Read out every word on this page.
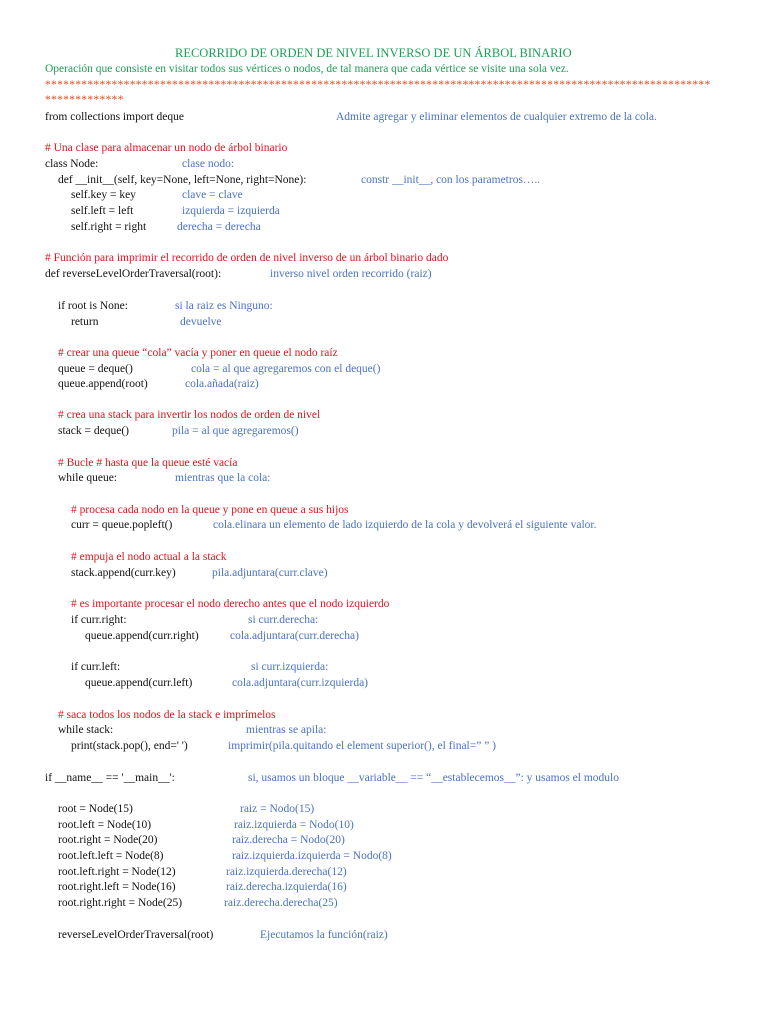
RECORRIDO DE ORDEN DE NIVEL INVERSO DE UN ÁRBOL BINARIO
Operación que consiste en visitar todos sus vértices o nodos, de tal manera que cada vértice se visite una sola vez.
**************************************************************************************************************
*************
from collections import deque	Admite agregar y eliminar elementos de cualquier extremo de la cola.
# Una clase para almacenar un nodo de árbol binario
class Node:	clase nodo:
def __init__(self, key=None, left=None, right=None):	constr __init__, con los parametros…..
self.key = key	clave = clave
self.left = left	izquierda = izquierda
self.right = right	derecha = derecha
# Función para imprimir el recorrido de orden de nivel inverso de un árbol binario dado
def reverseLevelOrderTraversal(root):	inverso nivel orden recorrido (raiz)
if root is None:	si la raiz es Ninguno:
return	devuelve
# crear una queue “cola” vacía y poner en queue el nodo raíz
queue = deque()	cola = al que agregaremos con el deque()
queue.append(root)	cola.añada(raiz)
# crea una stack para invertir los nodos de orden de nivel
stack = deque()	pila = al que agregaremos()
# Bucle # hasta que la queue esté vacía
while queue:	mientras que la cola:
# procesa cada nodo en la queue y pone en queue a sus hijos
curr = queue.popleft()	cola.elinara un elemento de lado izquierdo de la cola y devolverá el siguiente valor.
# empuja el nodo actual a la stack
stack.append(curr.key)	pila.adjuntara(curr.clave)
# es importante procesar el nodo derecho antes que el nodo izquierdo
if curr.right:	si curr.derecha:
queue.append(curr.right)	cola.adjuntara(curr.derecha)
if curr.left:	si curr.izquierda:
queue.append(curr.left)	cola.adjuntara(curr.izquierda)
# saca todos los nodos de la stack e imprímelos
while stack:	mientras se apila:
print(stack.pop(), end=' ')	imprimir(pila.quitando el element superior(), el final=” ” )
if __name__ == '__main__':	si, usamos un bloque __variable__ == “__establecemos__”: y usamos el modulo
root = Node(15)	raiz = Nodo(15)
root.left = Node(10)	raiz.izquierda = Nodo(10)
root.right = Node(20)	raiz.derecha = Nodo(20)
root.left.left = Node(8)	raiz.izquierda.izquierda = Nodo(8)
root.left.right = Node(12)	raiz.izquierda.derecha(12)
root.right.left = Node(16)	raiz.derecha.izquierda(16)
root.right.right = Node(25)	raiz.derecha.derecha(25)
reverseLevelOrderTraversal(root)	Ejecutamos la función(raiz)
